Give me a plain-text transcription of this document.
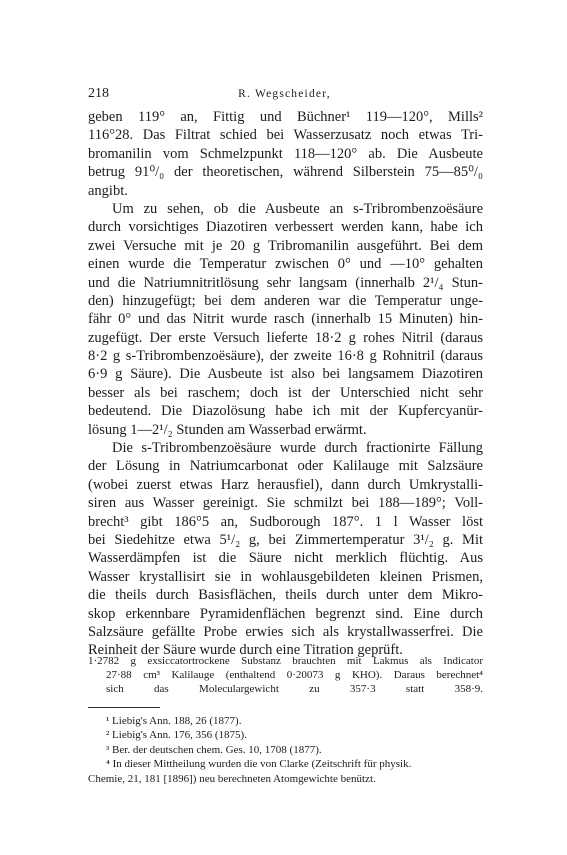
218	R. Wegscheider,
geben 119° an, Fittig und Büchner¹ 119—120°, Mills²
116°28. Das Filtrat schied bei Wasserzusatz noch etwas Tri-
bromanilin vom Schmelzpunkt 118—120° ab. Die Ausbeute
betrug 91⁰/₀ der theoretischen, während Silberstein 75—85⁰/₀
angibt.
Um zu sehen, ob die Ausbeute an s-Tribrombenzoësäure
durch vorsichtiges Diazotiren verbessert werden kann, habe ich
zwei Versuche mit je 20 g Tribromanilin ausgeführt. Bei dem
einen wurde die Temperatur zwischen 0° und —10° gehalten
und die Natriumnitritlösung sehr langsam (innerhalb 2¹/₄ Stun-
den) hinzugefügt; bei dem anderen war die Temperatur unge-
fähr 0° und das Nitrit wurde rasch (innerhalb 15 Minuten) hin-
zugefügt. Der erste Versuch lieferte 18·2 g rohes Nitril (daraus
8·2 g s-Tribrombenzoësäure), der zweite 16·8 g Rohnitril (daraus
6·9 g Säure). Die Ausbeute ist also bei langsamem Diazotiren
besser als bei raschem; doch ist der Unterschied nicht sehr
bedeutend. Die Diazolösung habe ich mit der Kupfercyanür-
lösung 1—2¹/₂ Stunden am Wasserbad erwärmt.
Die s-Tribrombenzoësäure wurde durch fractionirte Fällung
der Lösung in Natriumcarbonat oder Kalilauge mit Salzsäure
(wobei zuerst etwas Harz herausfiel), dann durch Umkrystalli-
siren aus Wasser gereinigt. Sie schmilzt bei 188—189°; Voll-
brecht³ gibt 186°5 an, Sudborough 187°. 1 l Wasser löst
bei Siedehitze etwa 5¹/₂ g, bei Zimmertemperatur 3¹/₂ g. Mit
Wasserdämpfen ist die Säure nicht merklich flüchtig. Aus
Wasser krystallisirt sie in wohlausgebildeten kleinen Prismen,
die theils durch Basisflächen, theils durch unter dem Mikro-
skop erkennbare Pyramidenflächen begrenzt sind. Eine durch
Salzsäure gefällte Probe erwies sich als krystallwasserfrei. Die
Reinheit der Säure wurde durch eine Titration geprüft.
1·2782 g exsiccatortrockene Substanz brauchten mit Lakmus als Indicator
27·88 cm³ Kalilauge (enthaltend 0·20073 g KHO). Daraus berechnet⁴
sich das Moleculargewicht zu 357·3 statt 358·9.
¹ Liebig's Ann. 188, 26 (1877).
² Liebig's Ann. 176, 356 (1875).
³ Ber. der deutschen chem. Ges. 10, 1708 (1877).
⁴ In dieser Mittheilung wurden die von Clarke (Zeitschrift für physik.
Chemie, 21, 181 [1896]) neu berechneten Atomgewichte benützt.
